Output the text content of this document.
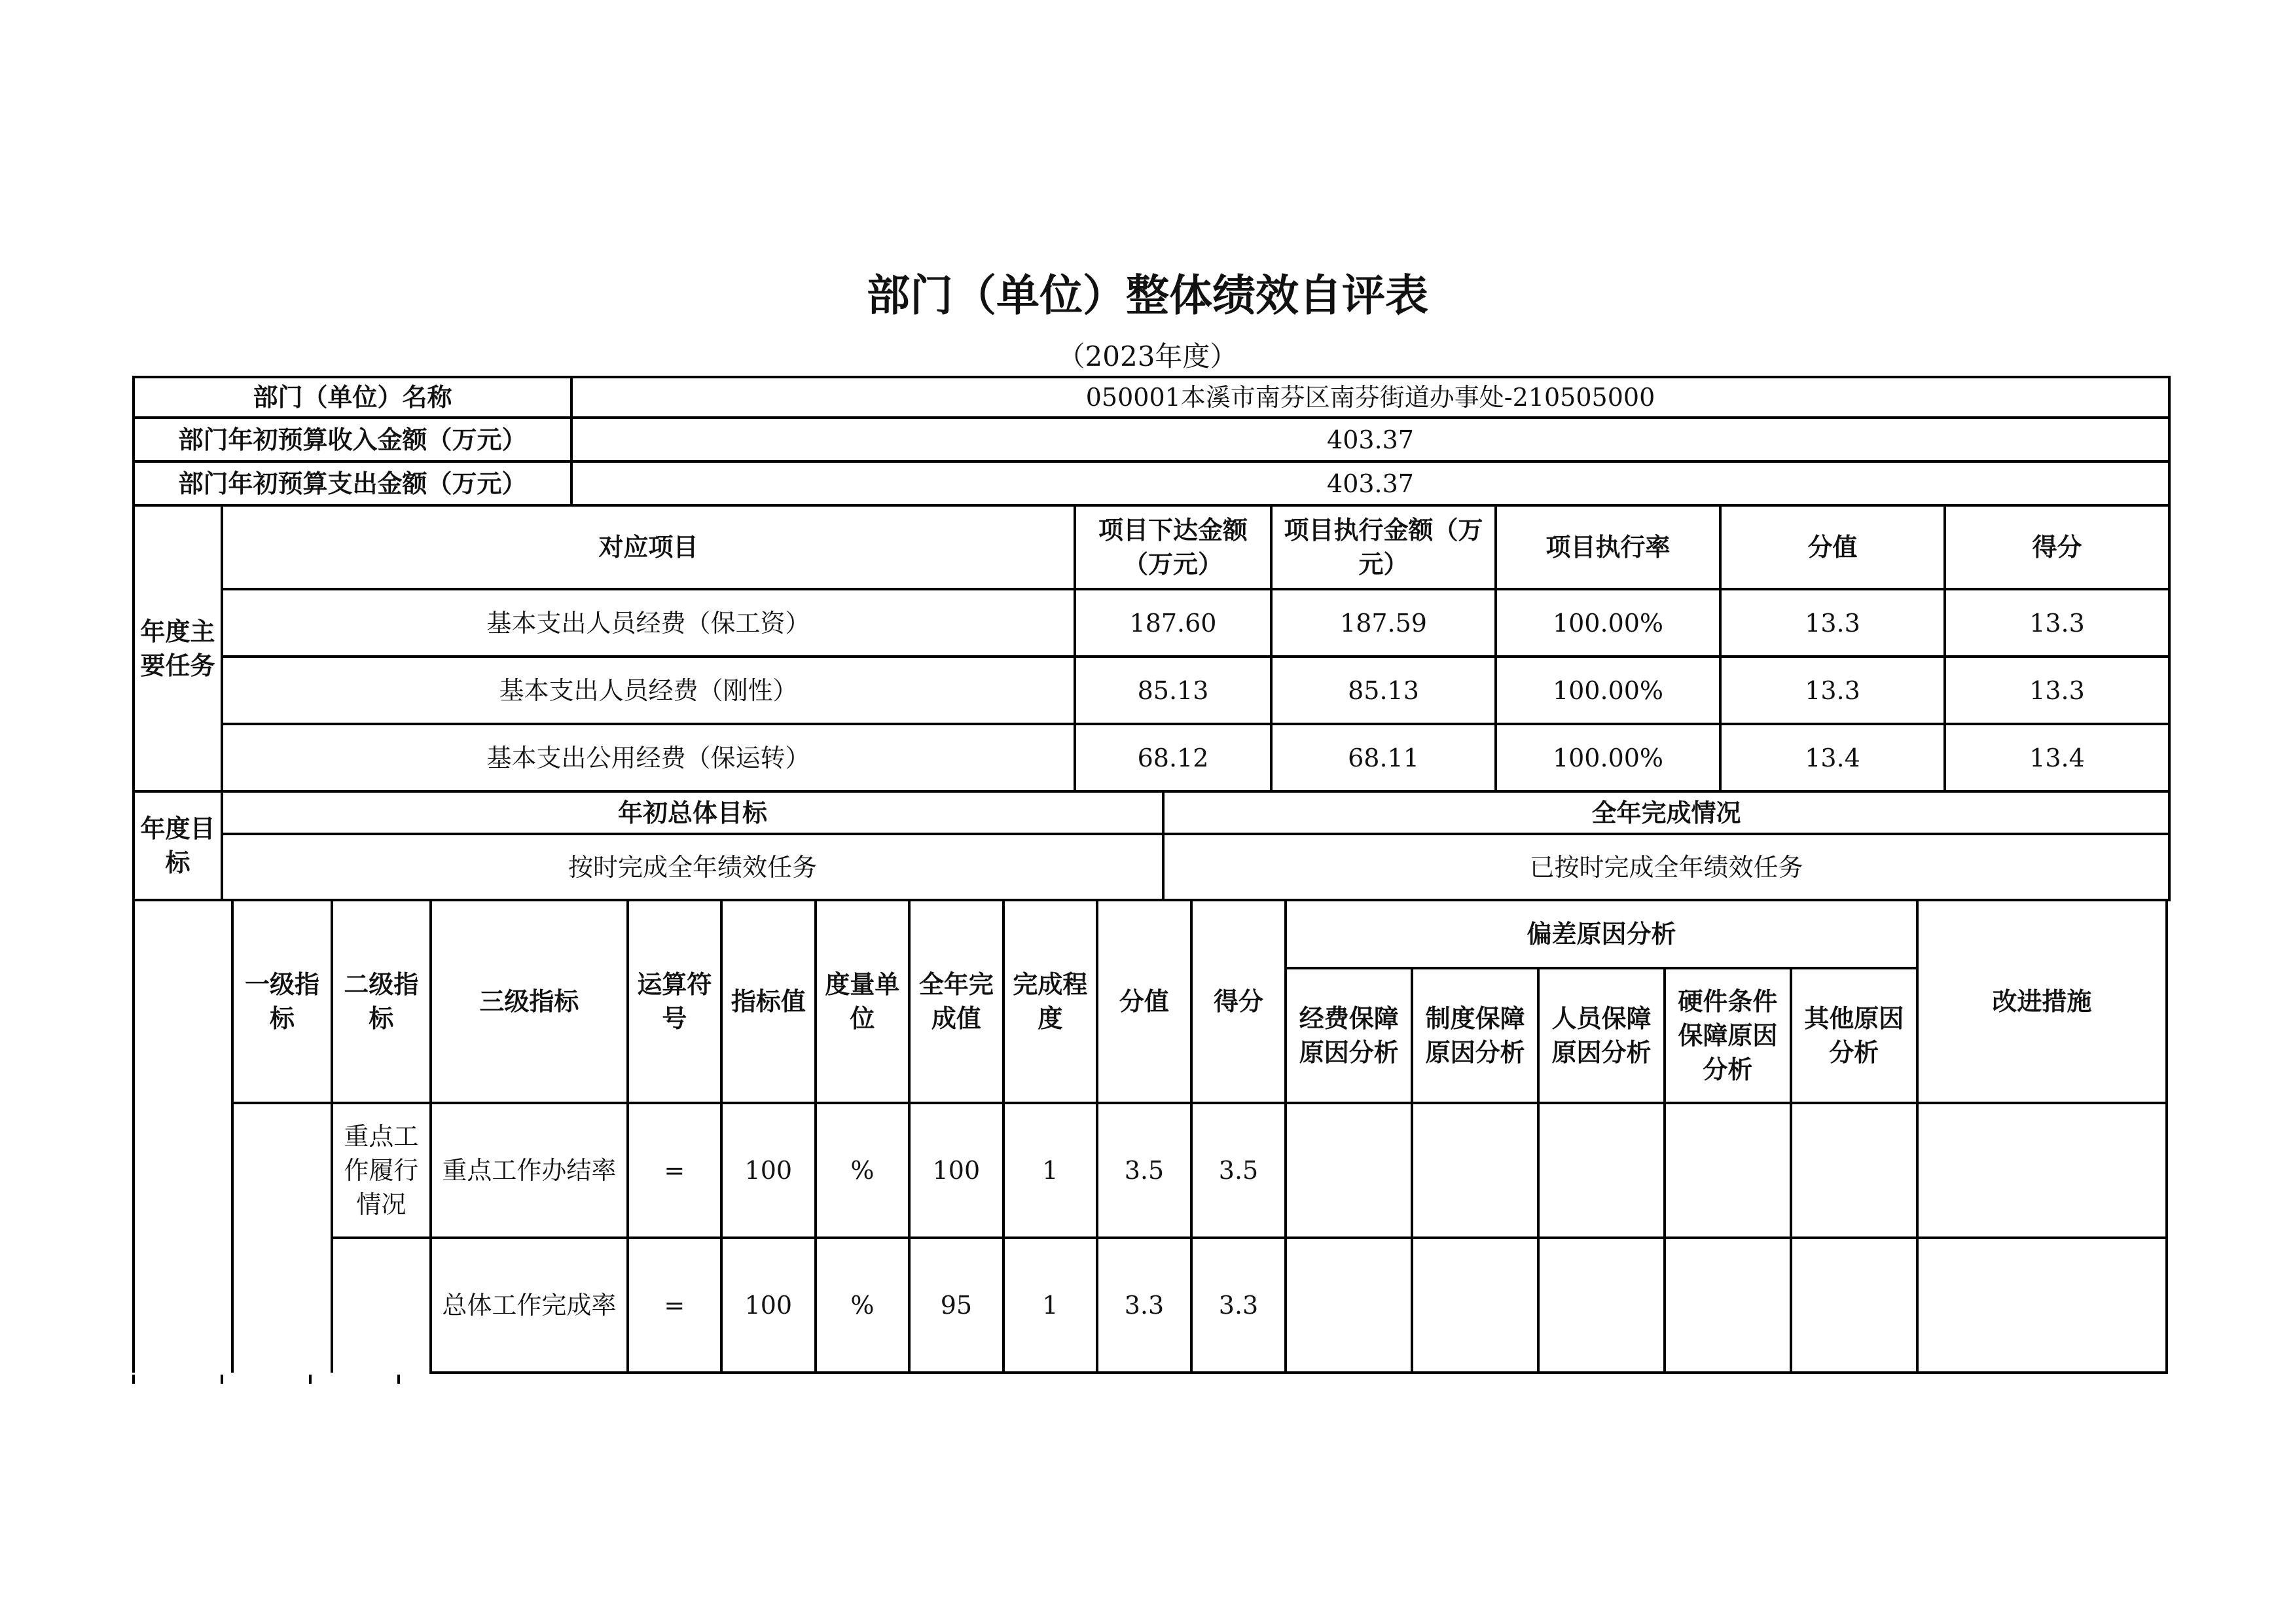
部门（单位）整体绩效自评表
（2023年度）
部门（单位）名称	050001本溪市南芬区南芬街道办事处-210505000
部门年初预算收入金额（万元）	403.37
部门年初预算支出金额（万元）	403.37
年度主要任务	对应项目	项目下达金额（万元）	项目执行金额（万元）	项目执行率	分值	得分
	基本支出人员经费（保工资）	187.60	187.59	100.00%	13.3	13.3
	基本支出人员经费（刚性）	85.13	85.13	100.00%	13.3	13.3
	基本支出公用经费（保运转）	68.12	68.11	100.00%	13.4	13.4
年度目标	年初总体目标	全年完成情况
	按时完成全年绩效任务	已按时完成全年绩效任务
	一级指标	二级指标	三级指标	运算符号	指标值	度量单位	全年完成值	完成程度	分值	得分	偏差原因分析					改进措施
											经费保障原因分析	制度保障原因分析	人员保障原因分析	硬件条件保障原因分析	其他原因分析	
		重点工作履行情况	重点工作办结率	=	100	%	100	1	3.5	3.5						
			总体工作完成率	=	100	%	95	1	3.3	3.3						
